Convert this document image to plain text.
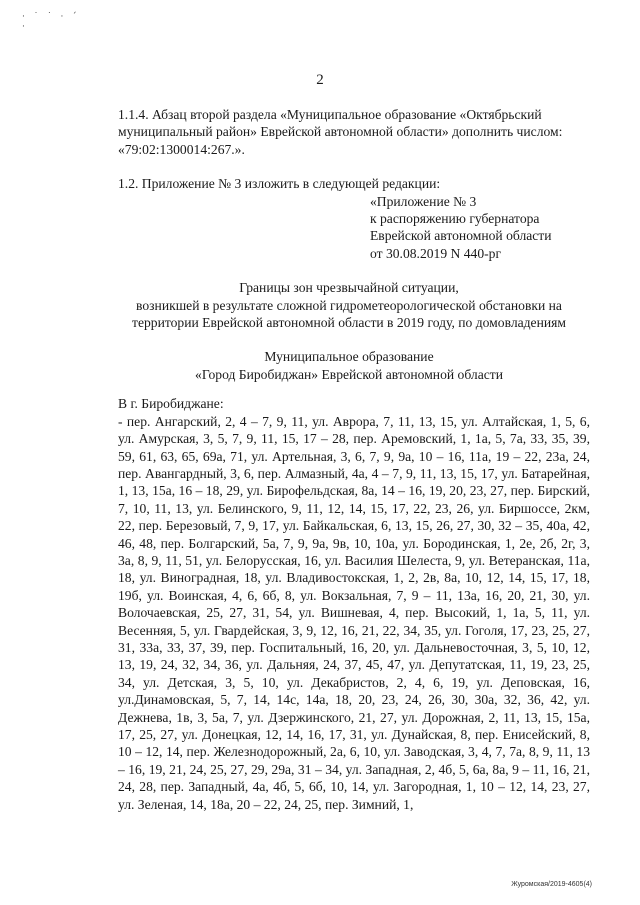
· ˙ ˙ · ´
·
2

1.1.4. Абзац второй раздела «Муниципальное образование «Октябрьский
муниципальный район» Еврейской автономной области» дополнить числом:
«79:02:1300014:267.».

1.2. Приложение № 3 изложить в следующей редакции:

«Приложение № 3
к распоряжению губернатора
Еврейской автономной области
от 30.08.2019 N 440-рг
Границы зон чрезвычайной ситуации,
возникшей в результате сложной гидрометеорологической обстановки на
территории Еврейской автономной области в 2019 году, по домовладениям
Муниципальное образование
«Город Биробиджан» Еврейской автономной области

В г. Биробиджане:

- пер. Ангарский, 2, 4 – 7, 9, 11, ул. Аврора, 7, 11, 13, 15, ул. Алтайская, 1, 5, 6, ул. Амурская, 3, 5, 7, 9, 11, 15, 17 – 28, пер. Аремовский, 1, 1а, 5, 7а, 33, 35, 39, 59, 61, 63, 65, 69а, 71, ул. Артельная, 3, 6, 7, 9, 9а, 10 – 16, 11а, 19 – 22, 23а, 24, пер. Авангардный, 3, 6, пер. Алмазный, 4а, 4 – 7, 9, 11, 13, 15, 17, ул. Батарейная, 1, 13, 15а, 16 – 18, 29, ул. Бирофельдская, 8а, 14 – 16, 19, 20, 23, 27, пер. Бирский, 7, 10, 11, 13, ул. Белинского, 9, 11, 12, 14, 15, 17, 22, 23, 26, ул. Биршоссе, 2км, 22, пер. Березовый, 7, 9, 17, ул. Байкальская, 6, 13, 15, 26, 27, 30, 32 – 35, 40а, 42, 46, 48, пер. Болгарский, 5а, 7, 9, 9а, 9в, 10, 10а, ул. Бородинская, 1, 2е, 2б, 2г, 3, 3а, 8, 9, 11, 51, ул. Белорусская, 16, ул. Василия Шелеста, 9, ул. Ветеранская, 11а, 18, ул. Виноградная, 18, ул. Владивостокская, 1, 2, 2в, 8а, 10, 12, 14, 15, 17, 18, 19б, ул. Воинская, 4, 6, 6б, 8, ул. Вокзальная, 7, 9 – 11, 13а, 16, 20, 21, 30, ул. Волочаевская, 25, 27, 31, 54, ул. Вишневая, 4, пер. Высокий, 1, 1а, 5, 11, ул. Весенняя, 5, ул. Гвардейская, 3, 9, 12, 16, 21, 22, 34, 35, ул. Гоголя, 17, 23, 25, 27, 31, 33а, 33, 37, 39, пер. Госпитальный, 16, 20, ул. Дальневосточная, 3, 5, 10, 12, 13, 19, 24, 32, 34, 36, ул. Дальняя, 24, 37, 45, 47, ул. Депутатская, 11, 19, 23, 25, 34, ул. Детская, 3, 5, 10, ул. Декабристов, 2, 4, 6, 19, ул. Деповская, 16, ул.Динамовская, 5, 7, 14, 14с, 14а, 18, 20, 23, 24, 26, 30, 30а, 32, 36, 42, ул. Дежнева, 1в, 3, 5а, 7, ул. Дзержинского, 21, 27, ул. Дорожная, 2, 11, 13, 15, 15а, 17, 25, 27, ул. Донецкая, 12, 14, 16, 17, 31, ул. Дунайская, 8, пер. Енисейский, 8, 10 – 12, 14, пер. Железнодорожный, 2а, 6, 10, ул. Заводская, 3, 4, 7, 7а, 8, 9, 11, 13 – 16, 19, 21, 24, 25, 27, 29, 29а, 31 – 34, ул. Западная, 2, 4б, 5, 6а, 8а, 9 – 11, 16, 21, 24, 28, пер. Западный, 4а, 4б, 5, 6б, 10, 14, ул. Загородная, 1, 10 – 12, 14, 23, 27, ул. Зеленая, 14, 18а, 20 – 22, 24, 25, пер. Зимний, 1,

Журомская/2019-4605(4)
